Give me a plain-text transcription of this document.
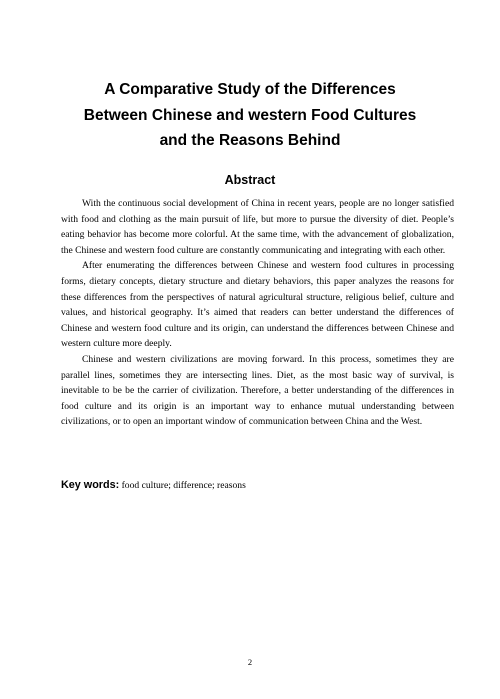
A Comparative Study of the Differences
Between Chinese and western Food Cultures
and the Reasons Behind
Abstract

With the continuous social development of China in recent years, people are no longer satisfied with food and clothing as the main pursuit of life, but more to pursue the diversity of diet. People’s eating behavior has become more colorful. At the same time, with the advancement of globalization, the Chinese and western food culture are constantly communicating and integrating with each other.

After enumerating the differences between Chinese and western food cultures in processing forms, dietary concepts, dietary structure and dietary behaviors, this paper analyzes the reasons for these differences from the perspectives of natural agricultural structure, religious belief, culture and values, and historical geography. It’s aimed that readers can better understand the differences of Chinese and western food culture and its origin, can understand the differences between Chinese and western culture more deeply.

Chinese and western civilizations are moving forward. In this process, sometimes they are parallel lines, sometimes they are intersecting lines. Diet, as the most basic way of survival, is inevitable to be be the carrier of civilization. Therefore, a better understanding of the differences in food culture and its origin is an important way to enhance mutual understanding between civilizations, or to open an important window of communication between China and the West.

Key words: food culture; difference; reasons
2
